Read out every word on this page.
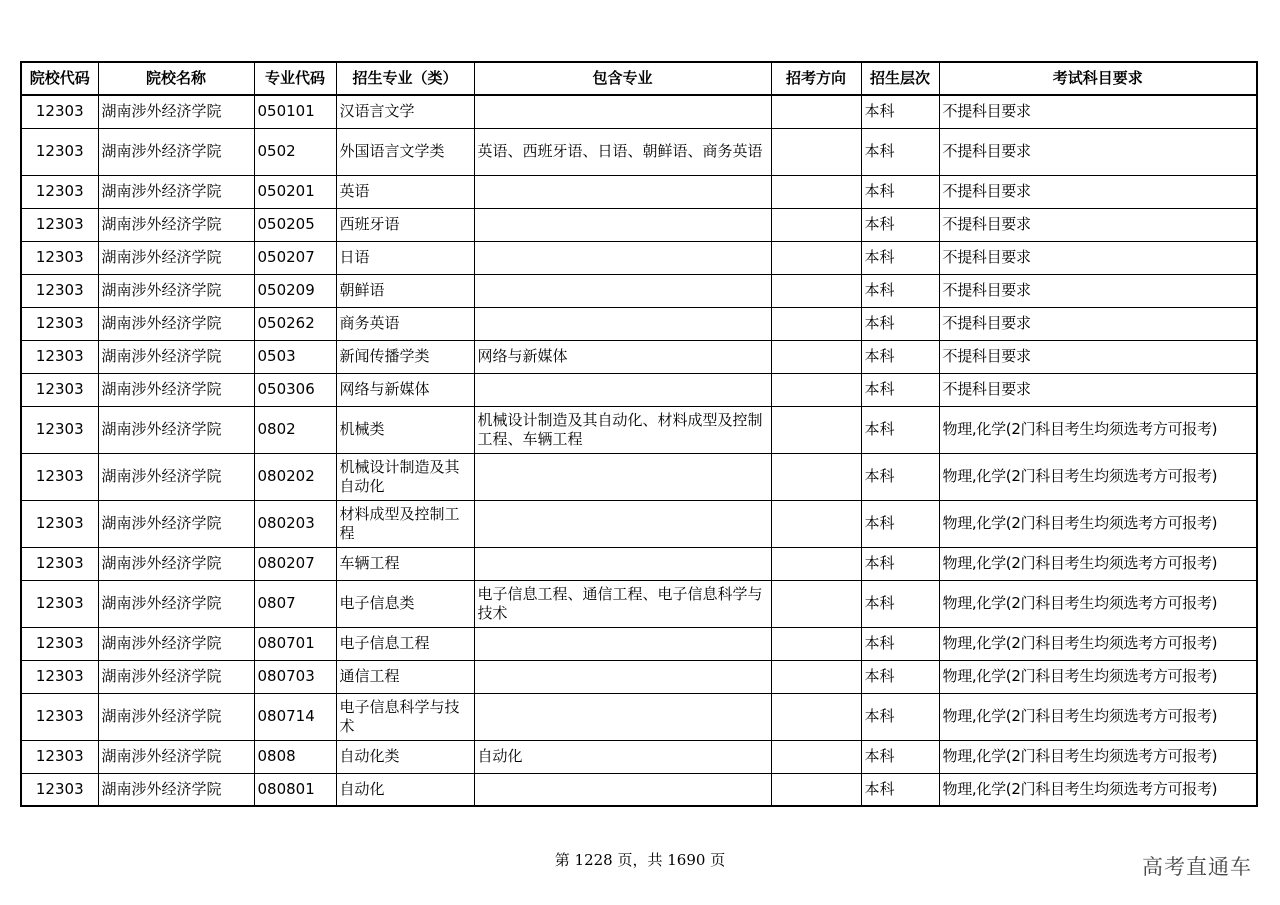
院校代码	院校名称	专业代码	招生专业（类）	包含专业	招考方向	招生层次	考试科目要求
12303	湖南涉外经济学院	050101	汉语言文学			本科	不提科目要求
12303	湖南涉外经济学院	0502	外国语言文学类	英语、西班牙语、日语、朝鲜语、商务英语		本科	不提科目要求
12303	湖南涉外经济学院	050201	英语			本科	不提科目要求
12303	湖南涉外经济学院	050205	西班牙语			本科	不提科目要求
12303	湖南涉外经济学院	050207	日语			本科	不提科目要求
12303	湖南涉外经济学院	050209	朝鲜语			本科	不提科目要求
12303	湖南涉外经济学院	050262	商务英语			本科	不提科目要求
12303	湖南涉外经济学院	0503	新闻传播学类	网络与新媒体		本科	不提科目要求
12303	湖南涉外经济学院	050306	网络与新媒体			本科	不提科目要求
12303	湖南涉外经济学院	0802	机械类	机械设计制造及其自动化、材料成型及控制工程、车辆工程		本科	物理,化学(2门科目考生均须选考方可报考)
12303	湖南涉外经济学院	080202	机械设计制造及其自动化			本科	物理,化学(2门科目考生均须选考方可报考)
12303	湖南涉外经济学院	080203	材料成型及控制工程			本科	物理,化学(2门科目考生均须选考方可报考)
12303	湖南涉外经济学院	080207	车辆工程			本科	物理,化学(2门科目考生均须选考方可报考)
12303	湖南涉外经济学院	0807	电子信息类	电子信息工程、通信工程、电子信息科学与技术		本科	物理,化学(2门科目考生均须选考方可报考)
12303	湖南涉外经济学院	080701	电子信息工程			本科	物理,化学(2门科目考生均须选考方可报考)
12303	湖南涉外经济学院	080703	通信工程			本科	物理,化学(2门科目考生均须选考方可报考)
12303	湖南涉外经济学院	080714	电子信息科学与技术			本科	物理,化学(2门科目考生均须选考方可报考)
12303	湖南涉外经济学院	0808	自动化类	自动化		本科	物理,化学(2门科目考生均须选考方可报考)
12303	湖南涉外经济学院	080801	自动化			本科	物理,化学(2门科目考生均须选考方可报考)
第 1228 页，共 1690 页	高考直通车
